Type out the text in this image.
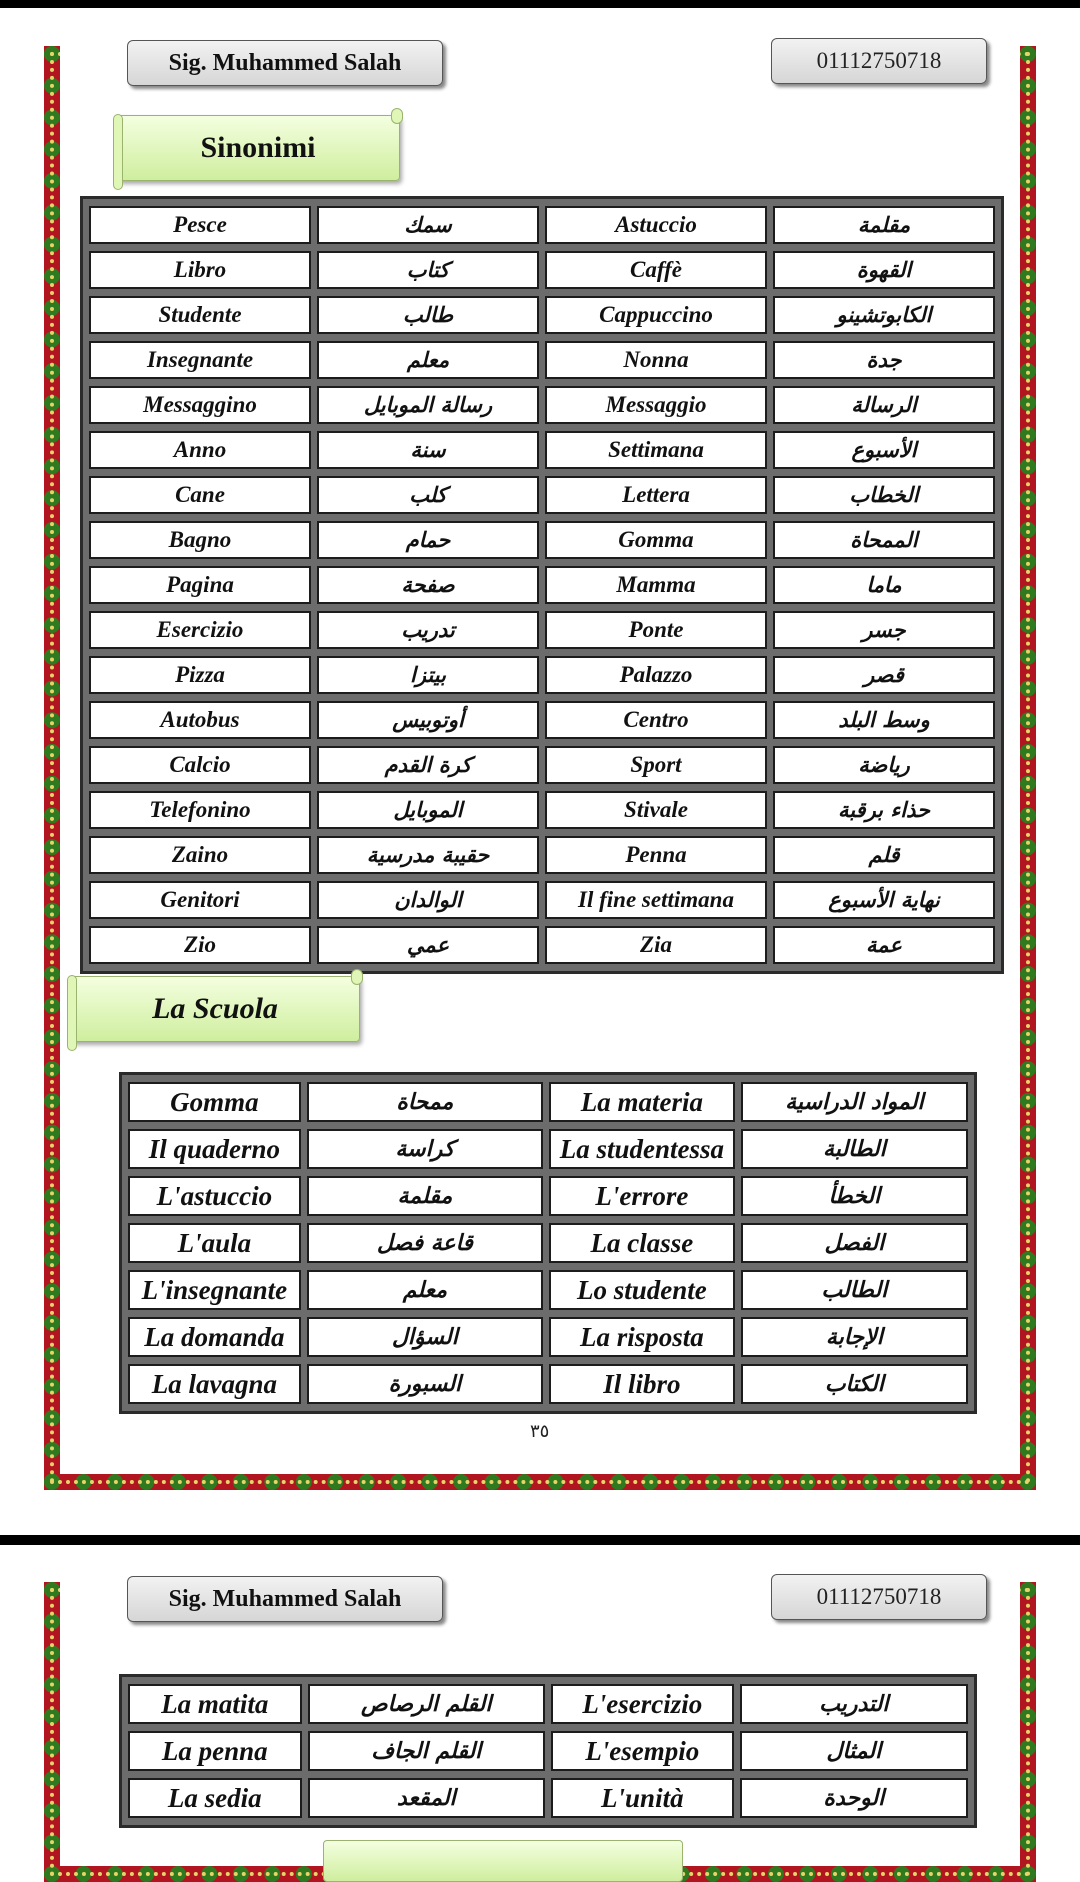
Sig. Muhammed Salah	01112750718
Sinonimi
Pesce	سمك	Astuccio	مقلمة
Libro	كتاب	Caffè	القهوة
Studente	طالب	Cappuccino	الكابوتشينو
Insegnante	معلم	Nonna	جدة
Messaggino	رسالة الموبايل	Messaggio	الرسالة
Anno	سنة	Settimana	الأسبوع
Cane	كلب	Lettera	الخطاب
Bagno	حمام	Gomma	الممحاة
Pagina	صفحة	Mamma	ماما
Esercizio	تدريب	Ponte	جسر
Pizza	بيتزا	Palazzo	قصر
Autobus	أوتوبيس	Centro	وسط البلد
Calcio	كرة القدم	Sport	رياضة
Telefonino	الموبايل	Stivale	حذاء برقبة
Zaino	حقيبة مدرسية	Penna	قلم
Genitori	الوالدان	Il fine settimana	نهاية الأسبوع
Zio	عمي	Zia	عمة
La Scuola
Gomma	ممحاة	La materia	المواد الدراسية
Il quaderno	كراسة	La studentessa	الطالبة
L'astuccio	مقلمة	L'errore	الخطأ
L'aula	قاعة فصل	La classe	الفصل
L'insegnante	معلم	Lo studente	الطالب
La domanda	السؤال	La risposta	الإجابة
La lavagna	السبورة	Il libro	الكتاب
٣٥
Sig. Muhammed Salah	01112750718
La matita	القلم الرصاص	L'esercizio	التدريب
La penna	القلم الجاف	L'esempio	المثال
La sedia	المقعد	L'unità	الوحدة
